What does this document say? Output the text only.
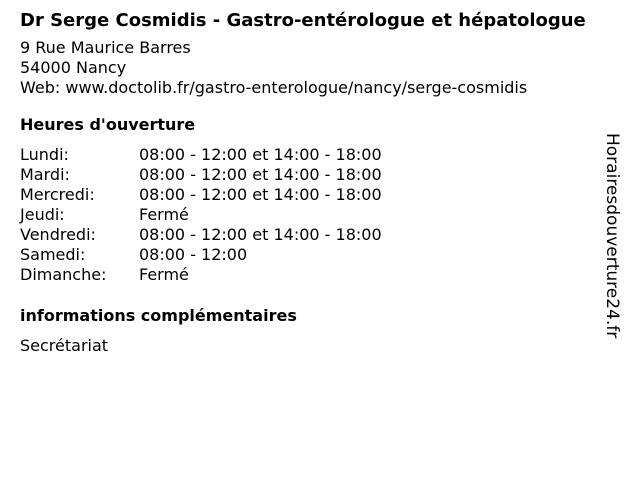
Dr Serge Cosmidis - Gastro-entérologue et hépatologue
9 Rue Maurice Barres
54000 Nancy
Web: www.doctolib.fr/gastro-enterologue/nancy/serge-cosmidis
Heures d'ouverture
Lundi:	08:00 - 12:00 et 14:00 - 18:00
Mardi:	08:00 - 12:00 et 14:00 - 18:00
Mercredi:	08:00 - 12:00 et 14:00 - 18:00
Jeudi:	Fermé
Vendredi:	08:00 - 12:00 et 14:00 - 18:00
Samedi:	08:00 - 12:00
Dimanche:	Fermé
informations complémentaires
Secrétariat
Horairesdouverture24.fr
